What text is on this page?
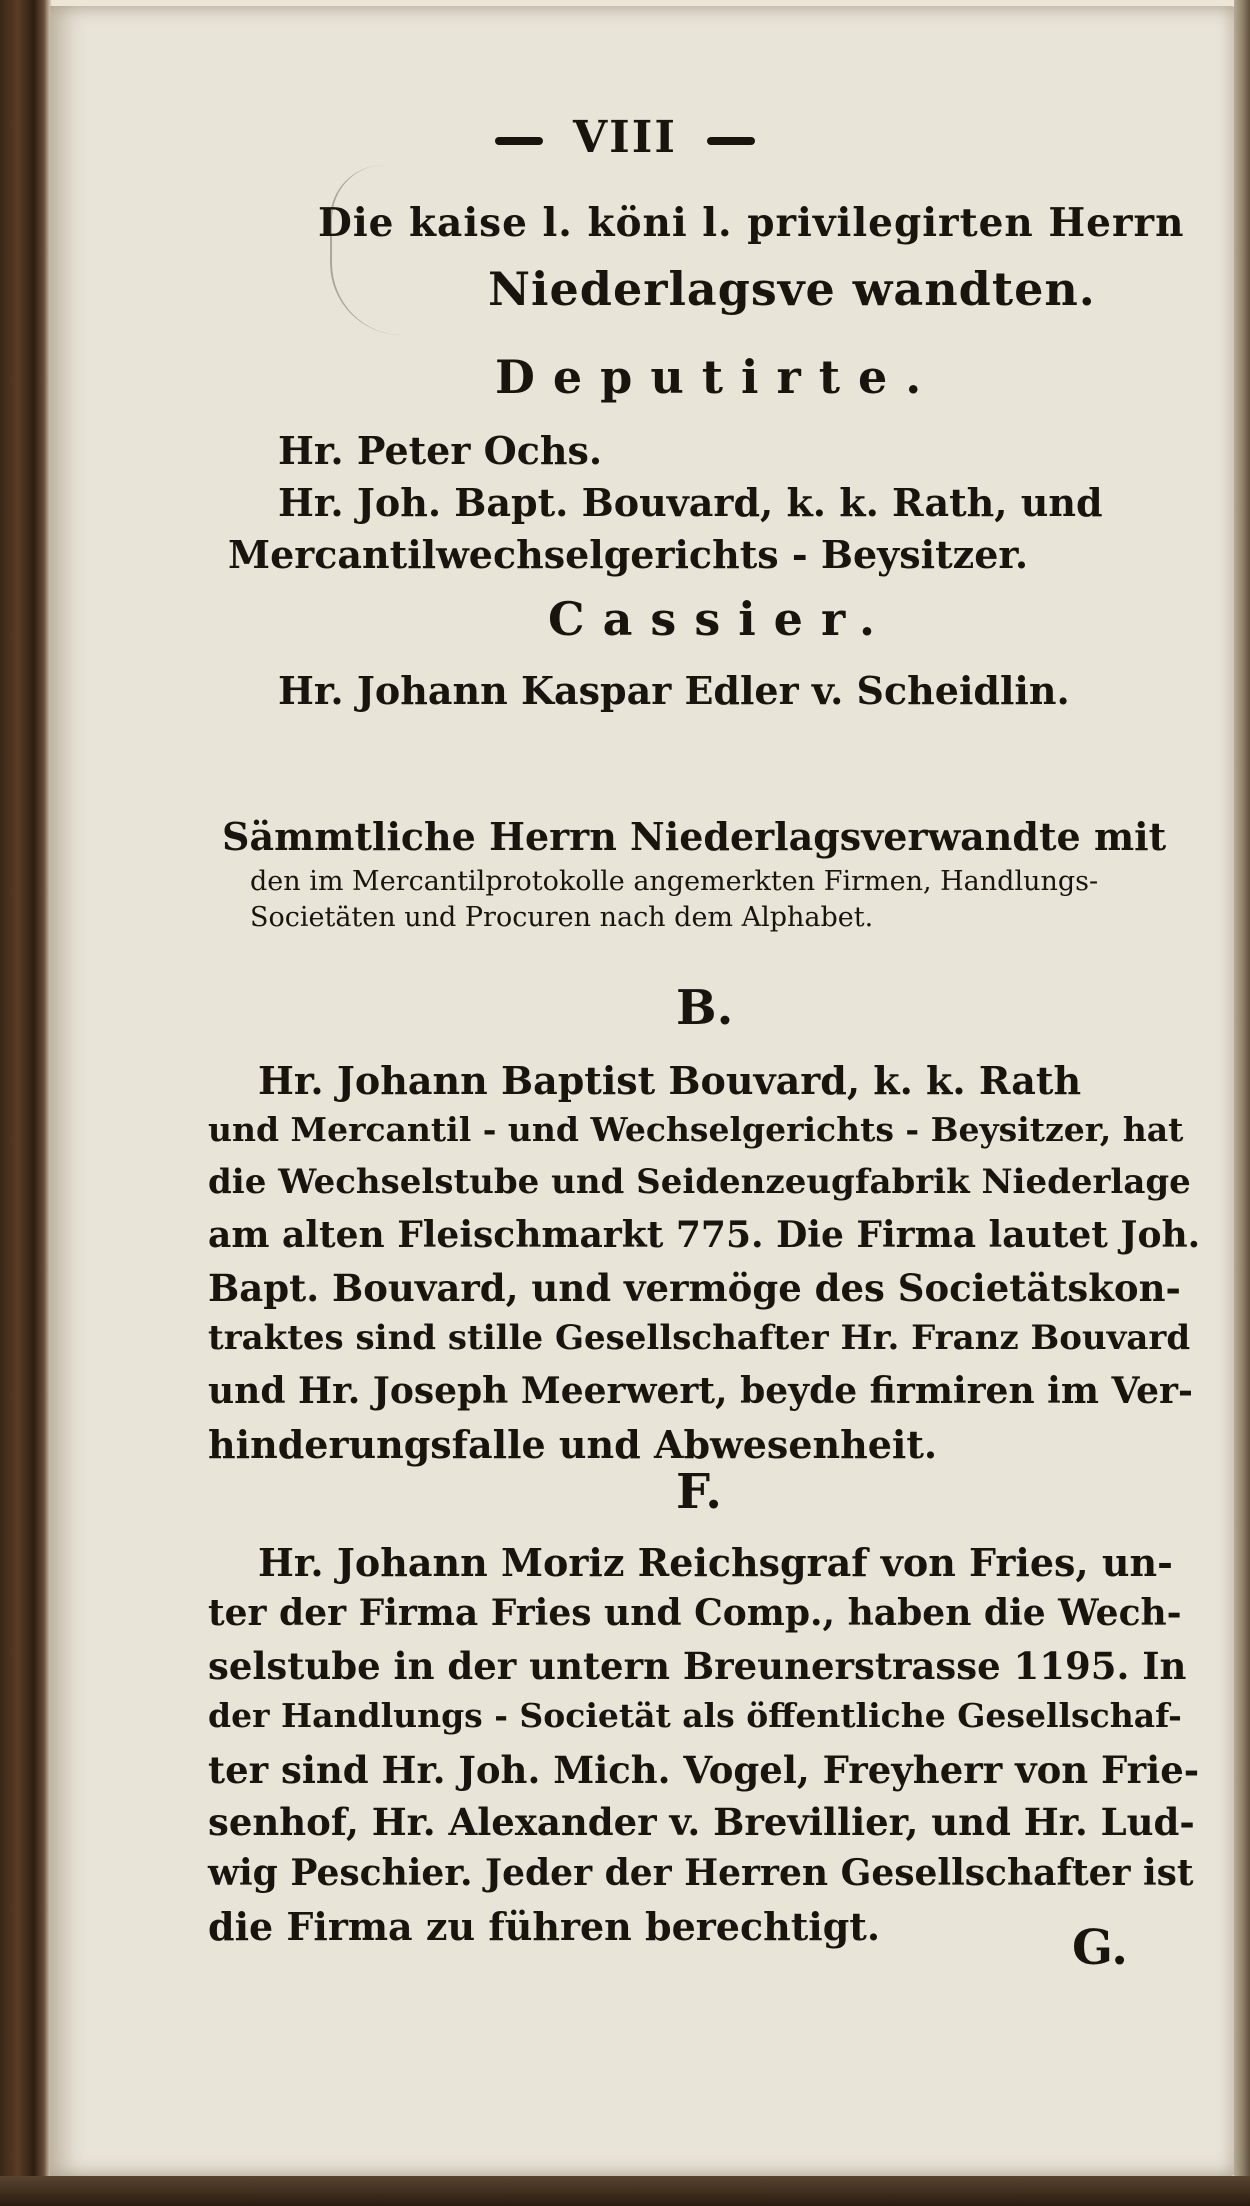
VIII
Die kaise l. köni l. privilegirten Herrn
Niederlagsve wandten.
Deputirte.
Hr. Peter Ochs.
Hr. Joh. Bapt. Bouvard, k. k. Rath, und
Mercantilwechselgerichts - Beysitzer.
Cassier.
Hr. Johann Kaspar Edler v. Scheidlin.
Sämmtliche Herrn Niederlagsverwandte mit
den im Mercantilprotokolle angemerkten Firmen, Handlungs-
Societäten und Procuren nach dem Alphabet.
B.
Hr. Johann Baptist Bouvard, k. k. Rath
und Mercantil - und Wechselgerichts - Beysitzer, hat
die Wechselstube und Seidenzeugfabrik Niederlage
am alten Fleischmarkt 775. Die Firma lautet Joh.
Bapt. Bouvard, und vermöge des Societätskon-
traktes sind stille Gesellschafter Hr. Franz Bouvard
und Hr. Joseph Meerwert, beyde firmiren im Ver-
hinderungsfalle und Abwesenheit.
F.
Hr. Johann Moriz Reichsgraf von Fries, un-
ter der Firma Fries und Comp., haben die Wech-
selstube in der untern Breunerstrasse 1195. In
der Handlungs - Societät als öffentliche Gesellschaf-
ter sind Hr. Joh. Mich. Vogel, Freyherr von Frie-
senhof, Hr. Alexander v. Brevillier, und Hr. Lud-
wig Peschier. Jeder der Herren Gesellschafter ist
die Firma zu führen berechtigt.	G.
